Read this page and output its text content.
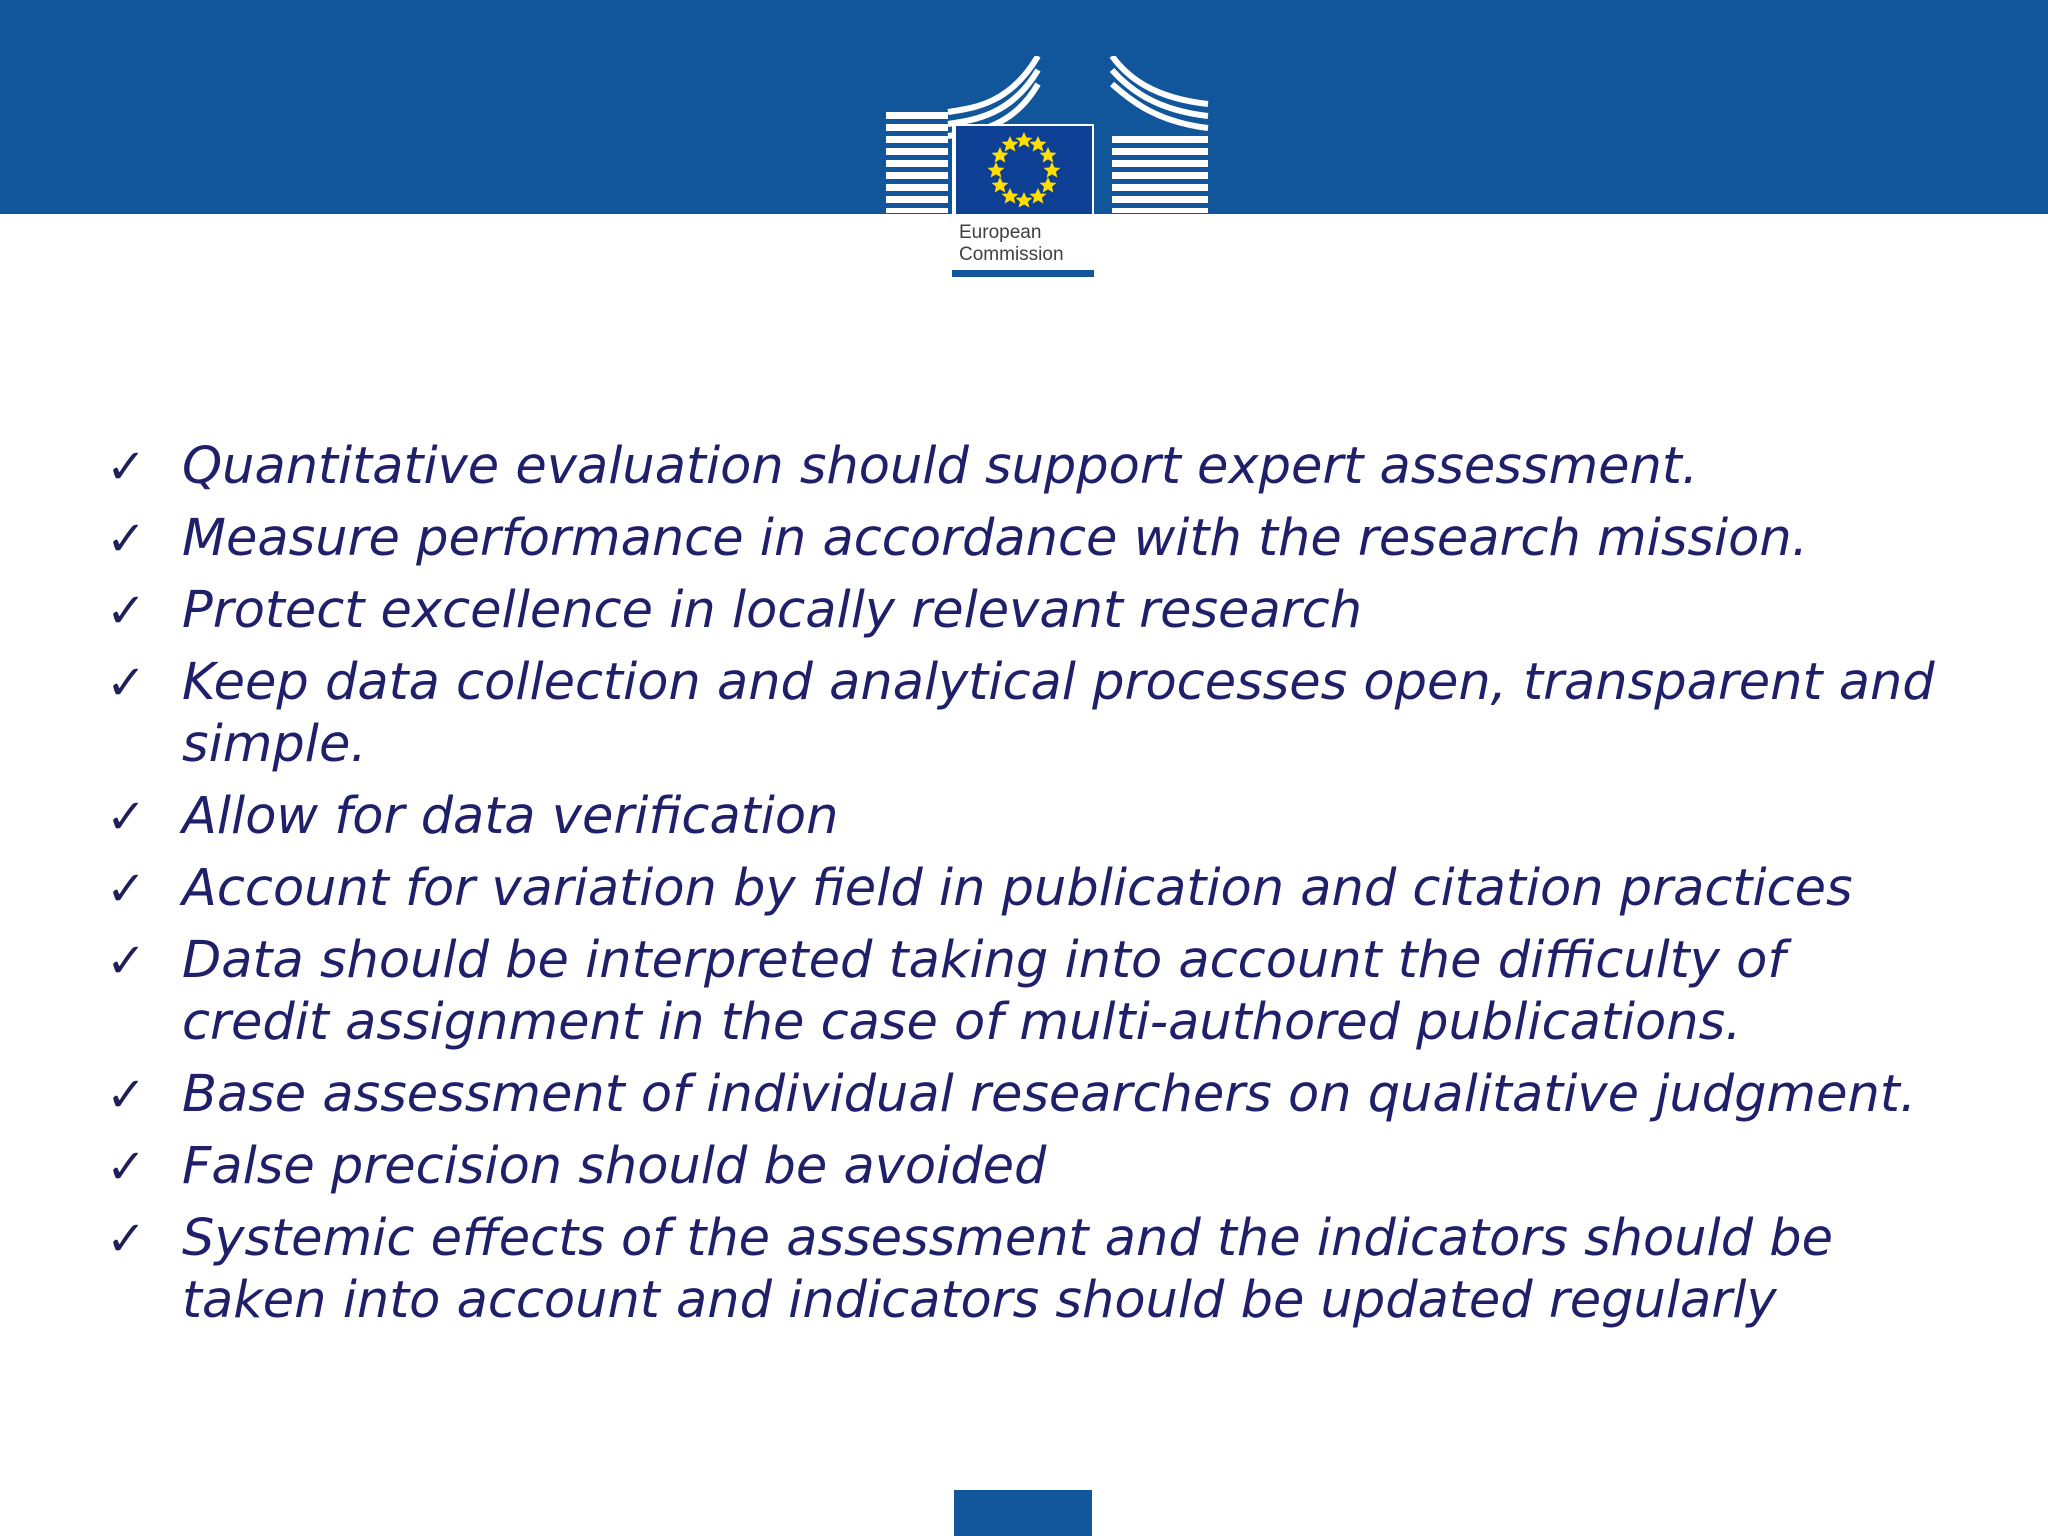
European
Commission
✓ Quantitative evaluation should support expert assessment.
✓ Measure performance in accordance with the research mission.
✓ Protect excellence in locally relevant research
✓ Keep data collection and analytical processes open, transparent and simple.
✓ Allow for data verification
✓ Account for variation by field in publication and citation practices
✓ Data should be interpreted taking into account the difficulty of credit assignment in the case of multi-authored publications.
✓ Base assessment of individual researchers on qualitative judgment.
✓ False precision should be avoided
✓ Systemic effects of the assessment and the indicators should be taken into account and indicators should be updated regularly
